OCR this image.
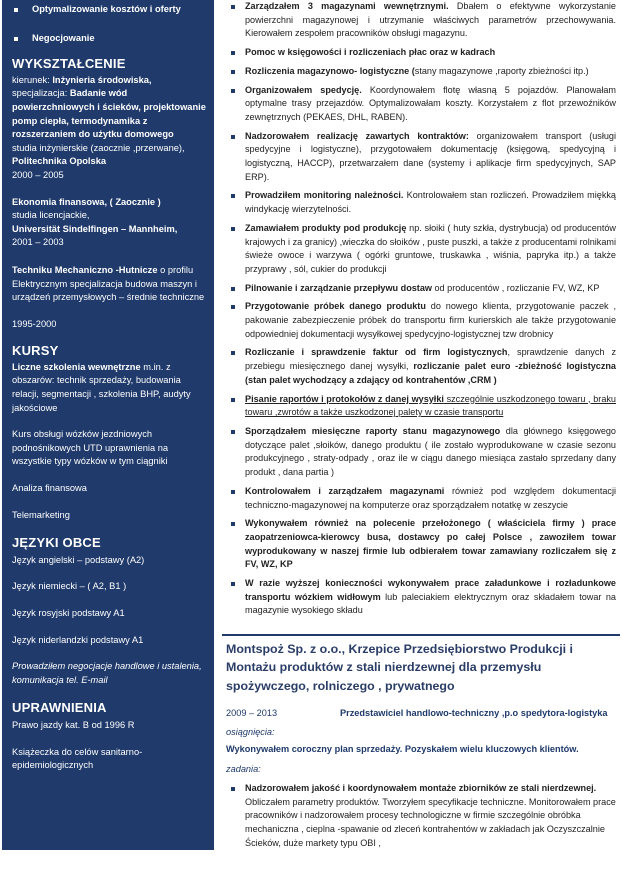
Optymalizowanie kosztów i oferty
Negocjowanie
WYKSZTAŁCENIE

kierunek: Inżynieria środowiska,
specjalizacja: Badanie wód powierzchniowych i ścieków, projektowanie pomp ciepła, termodynamika z rozszerzaniem do użytku domowego
studia inżynierskie (zaocznie ,przerwane),
Politechnika Opolska
2000 – 2005

Ekonomia finansowa, ( Zaocznie )
studia licencjackie,
Universität Sindelfingen – Mannheim,
2001 – 2003

Techniku Mechaniczno -Hutnicze o profilu Elektrycznym specjalizacja budowa maszyn i urządzeń przemysłowych – średnie techniczne

1995-2000

KURSY

Liczne szkolenia wewnętrzne m.in. z obszarów: technik sprzedaży, budowania relacji, segmentacji , szkolenia BHP, audyty jakościowe

Kurs obsługi wózków jezdniowych podnośnikowych UTD uprawnienia na wszystkie typy wózków w tym ciągniki

Analiza finansowa

Telemarketing

JĘZYKI OBCE

Język angielski – podstawy (A2)

Język niemiecki – ( A2, B1 )

Język rosyjski podstawy A1

Język niderlandzki podstawy A1

Prowadziłem negocjacje handlowe i ustalenia, komunikacja tel. E-mail

UPRAWNIENIA

Prawo jazdy kat. B od 1996 R

Książeczka do celów sanitarno-epidemiologicznych

Zarządzałem 3 magazynami wewnętrznymi. Dbałem o efektywne wykorzystanie powierzchni magazynowej i utrzymanie właściwych parametrów przechowywania. Kierowałem zespołem pracowników obsługi magazynu.
Pomoc w księgowości i rozliczeniach płac oraz w kadrach
Rozliczenia magazynowo- logistyczne (stany magazynowe ,raporty zbieżności itp.)
Organizowałem spedycję. Koordynowałem flotę własną 5 pojazdów. Planowałam optymalne trasy przejazdów. Optymalizowałam koszty. Korzystałem z flot przewoźników zewnętrznych (PEKAES, DHL, RABEN).
Nadzorowałem realizację zawartych kontraktów: organizowałem transport (usługi spedycyjne i logistyczne), przygotowałem dokumentację (księgową, spedycyjną i logistyczną, HACCP), przetwarzałem dane (systemy i aplikacje firm spedycyjnych, SAP ERP).
Prowadziłem monitoring należności. Kontrolowałem stan rozliczeń. Prowadziłem miękką windykację wierzytelności.
Zamawiałem produkty pod produkcję np. słoiki ( huty szkła, dystrybucja) od producentów krajowych i za granicy) ,wieczka do słoików , puste puszki, a także z producentami rolnikami świeże owoce i warzywa ( ogórki gruntowe, truskawka , wiśnia, papryka itp.) a także przyprawy , sól, cukier do produkcji
Pilnowanie i zarządzanie przepływu dostaw od producentów , rozliczanie FV, WZ, KP
Przygotowanie próbek danego produktu do nowego klienta, przygotowanie paczek , pakowanie zabezpieczenie próbek do transportu firm kurierskich ale także przygotowanie odpowiedniej dokumentacji wysyłkowej spedycyjno-logistycznej tzw drobnicy
Rozliczanie i sprawdzenie faktur od firm logistycznych, sprawdzenie danych z przebiegu miesięcznego danej wysyłki, rozliczanie palet euro -zbieżność logistyczna (stan palet wychodzący a zdający od kontrahentów ,CRM )
Pisanie raportów i protokołów z danej wysyłki szczególnie uszkodzonego towaru , braku towaru ,zwrotów a także uszkodzonej palety w czasie transportu
Sporządzałem miesięczne raporty stanu magazynowego dla głównego księgowego dotyczące palet ,słoików, danego produktu ( ile zostało wyprodukowane w czasie sezonu produkcyjnego , straty-odpady , oraz ile w ciągu danego miesiąca zastało sprzedany dany produkt , dana partia )
Kontrolowałem i zarządzałem magazynami również pod względem dokumentacji techniczno-magazynowej na komputerze oraz sporządzałem notatkę w zeszycie
Wykonywałem również na polecenie przełożonego ( właściciela firmy ) prace zaopatrzeniowca-kierowcy busa, dostawcy po całej Polsce , zawoziłem towar wyprodukowany w naszej firmie lub odbierałem towar zamawiany rozliczałem się z FV, WZ, KP
W razie wyższej konieczności wykonywałem prace załadunkowe i rozładunkowe transportu wózkiem widłowym lub paleciakiem elektrycznym oraz składałem towar na magazynie wysokiego składu
Montspoż Sp. z o.o., Krzepice Przedsiębiorstwo Produkcji i Montażu produktów z stali nierdzewnej dla przemysłu spożywczego, rolniczego , prywatnego
2009 – 2013	Przedstawiciel handlowo-techniczny ,p.o spedytora-logistyka
osiągnięcia:
Wykonywałem coroczny plan sprzedaży. Pozyskałem wielu kluczowych klientów.
zadania:
Nadzorowałem jakość i koordynowałem montaże zbiorników ze stali nierdzewnej. Obliczałem parametry produktów. Tworzyłem specyfikacje techniczne. Monitorowałem prace pracowników i nadzorowałem procesy technologiczne w firmie szczególnie obróbka mechaniczna , cieplna -spawanie od zleceń kontrahentów w zakładach jak Oczyszczalnie Ścieków, duże markety typu OBI ,
